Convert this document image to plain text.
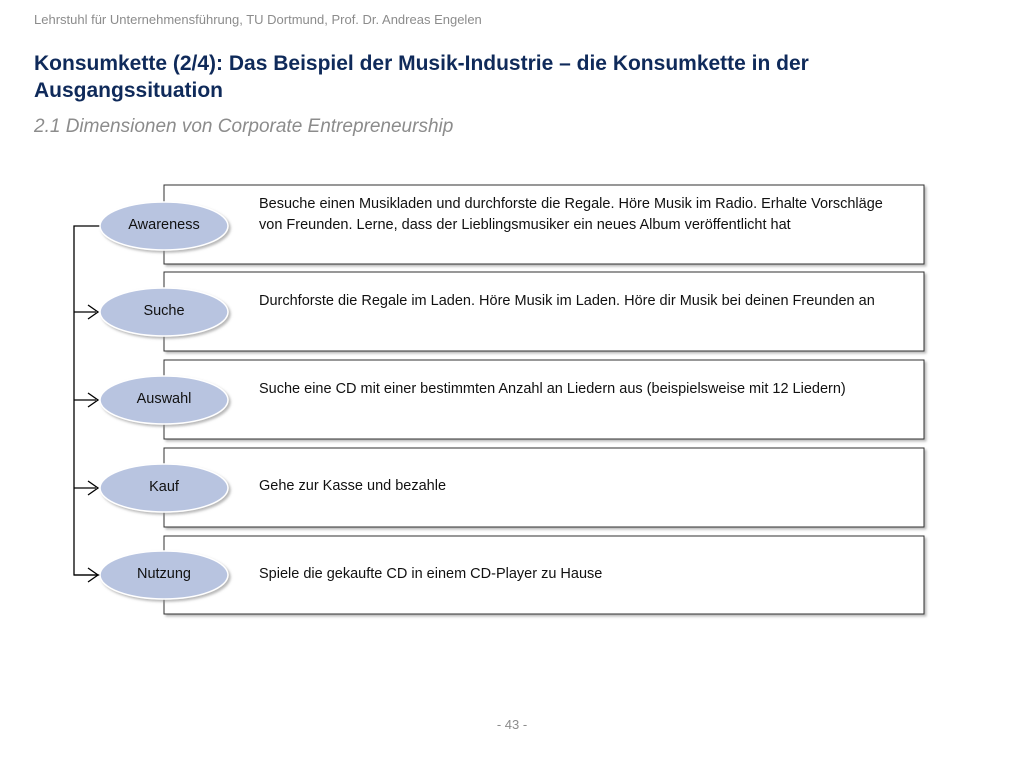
Lehrstuhl für Unternehmensführung, TU Dortmund, Prof. Dr. Andreas Engelen
Konsumkette (2/4): Das Beispiel der Musik-Industrie – die Konsumkette in der Ausgangssituation
2.1 Dimensionen von Corporate Entrepreneurship
Awareness
Suche
Auswahl
Kauf
Nutzung
Besuche einen Musikladen und durchforste die Regale. Höre Musik im Radio. Erhalte Vorschläge von Freunden. Lerne, dass der Lieblingsmusiker ein neues Album veröffentlicht hat
Durchforste die Regale im Laden. Höre Musik im Laden. Höre dir Musik bei deinen Freunden an
Suche eine CD mit einer bestimmten Anzahl an Liedern aus (beispielsweise mit 12 Liedern)
Gehe zur Kasse und bezahle
Spiele die gekaufte CD in einem CD-Player zu Hause
- 43 -
